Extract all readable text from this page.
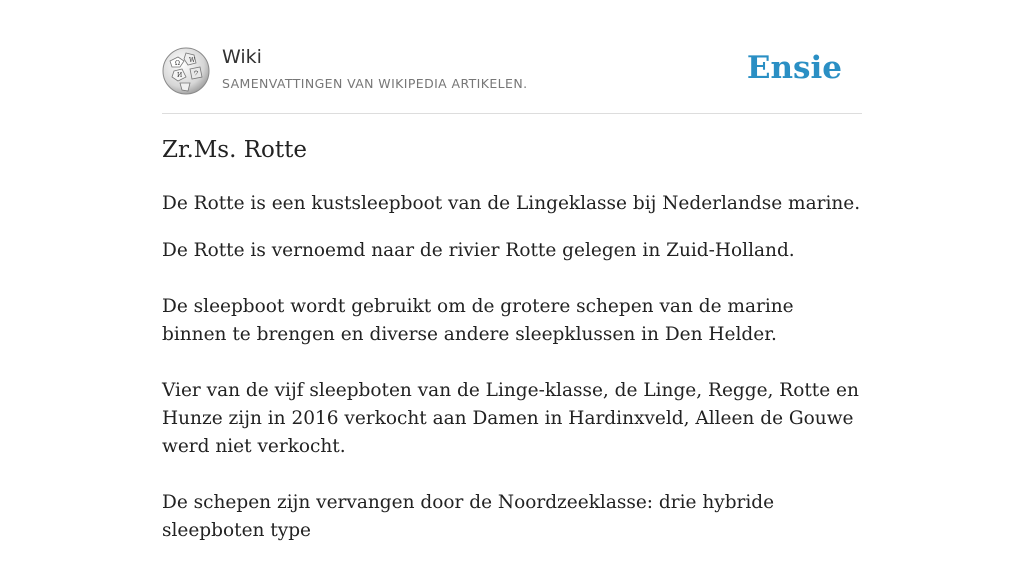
Ω W
И ウ
Wiki
SAMENVATTINGEN VAN WIKIPEDIA ARTIKELEN.	Ensie
Zr.Ms. Rotte

De Rotte is een kustsleepboot van de Lingeklasse bij Nederlandse marine.

De Rotte is vernoemd naar de rivier Rotte gelegen in Zuid-Holland.

De sleepboot wordt gebruikt om de grotere schepen van de marine binnen te brengen en diverse andere sleepklussen in Den Helder.

Vier van de vijf sleepboten van de Linge-klasse, de Linge, Regge, Rotte en Hunze zijn in 2016 verkocht aan Damen in Hardinxveld, Alleen de Gouwe werd niet verkocht.

De schepen zijn vervangen door de Noordzeeklasse: drie hybride sleepboten type
